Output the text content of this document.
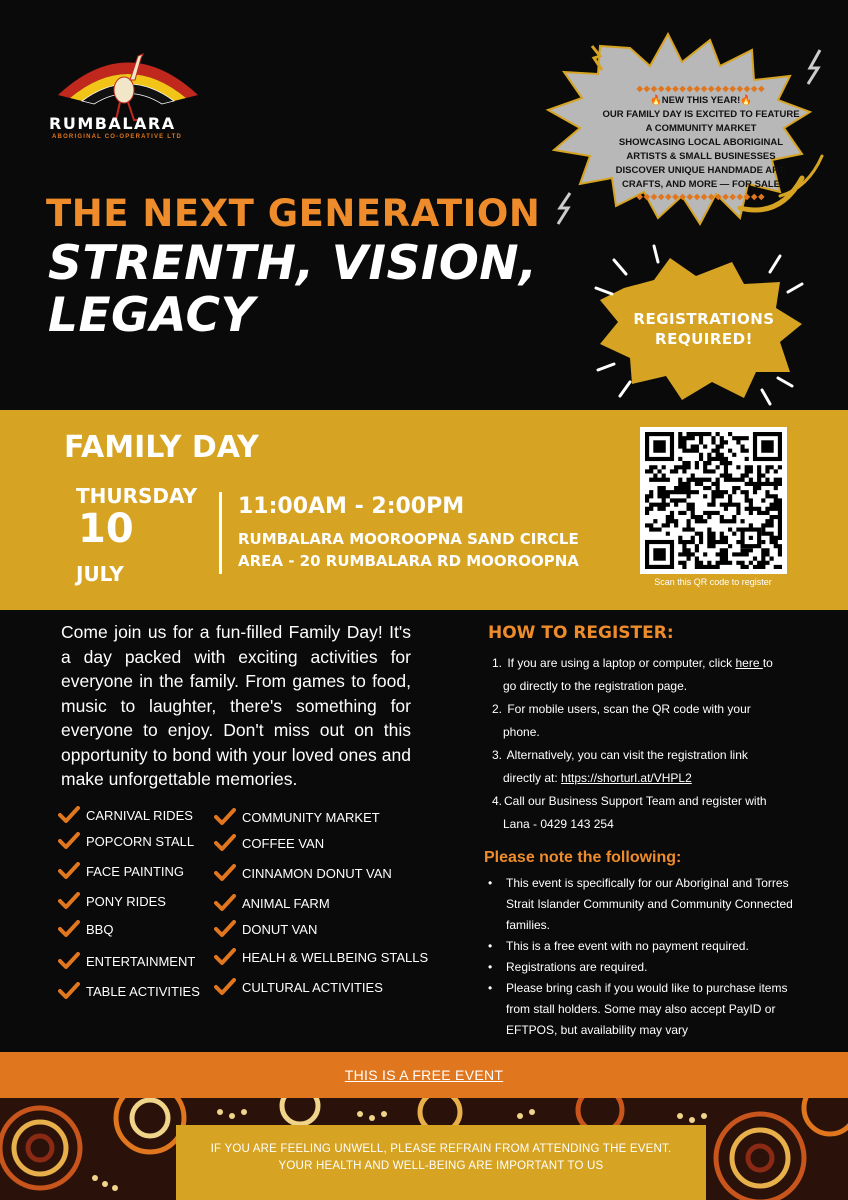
RUMBALARA
ABORIGINAL CO-OPERATIVE LTD
THE NEXT GENERATION
STRENTH, VISION, LEGACY
◆◆◆◆◆◆◆◆◆◆◆◆◆◆◆◆◆◆
🔥NEW THIS YEAR!🔥
OUR FAMILY DAY IS EXCITED TO FEATURE
A COMMUNITY MARKET
SHOWCASING LOCAL ABORIGINAL
ARTISTS & SMALL BUSINESSES
DISCOVER UNIQUE HANDMADE ART,
CRAFTS, AND MORE — FOR SALE
◆◆◆◆◆◆◆◆◆◆◆◆◆◆◆◆◆◆
REGISTRATIONS REQUIRED!
FAMILY DAY
THURSDAY
10
JULY
11:00AM - 2:00PM
RUMBALARA MOOROOPNA SAND CIRCLE AREA - 20 RUMBALARA RD MOOROOPNA
Scan this QR code to register
Come join us for a fun-filled Family Day! It's a day packed with exciting activities for everyone in the family. From games to food, music to laughter, there's something for everyone to enjoy. Don't miss out on this opportunity to bond with your loved ones and make unforgettable memories.
CARNIVAL RIDES
POPCORN STALL
FACE PAINTING
PONY RIDES
BBQ
ENTERTAINMENT
TABLE ACTIVITIES
COMMUNITY MARKET
COFFEE VAN
CINNAMON DONUT VAN
ANIMAL FARM
DONUT VAN
HEALH & WELLBEING STALLS
CULTURAL ACTIVITIES
HOW TO REGISTER:
1. If you are using a laptop or computer, click here to
go directly to the registration page.
2. For mobile users, scan the QR code with your
phone.
3. Alternatively, you can visit the registration link
directly at: https://shorturl.at/VHPL2
4. Call our Business Support Team and register with
Lana - 0429 143 254
Please note the following:
•	This event is specifically for our Aboriginal and Torres Strait Islander Community and Community Connected families.
•	This is a free event with no payment required.
•	Registrations are required.
•	Please bring cash if you would like to purchase items from stall holders. Some may also accept PayID or EFTPOS, but availability may vary
THIS IS A FREE EVENT
IF YOU ARE FEELING UNWELL, PLEASE REFRAIN FROM ATTENDING THE EVENT.
YOUR HEALTH AND WELL-BEING ARE IMPORTANT TO US
